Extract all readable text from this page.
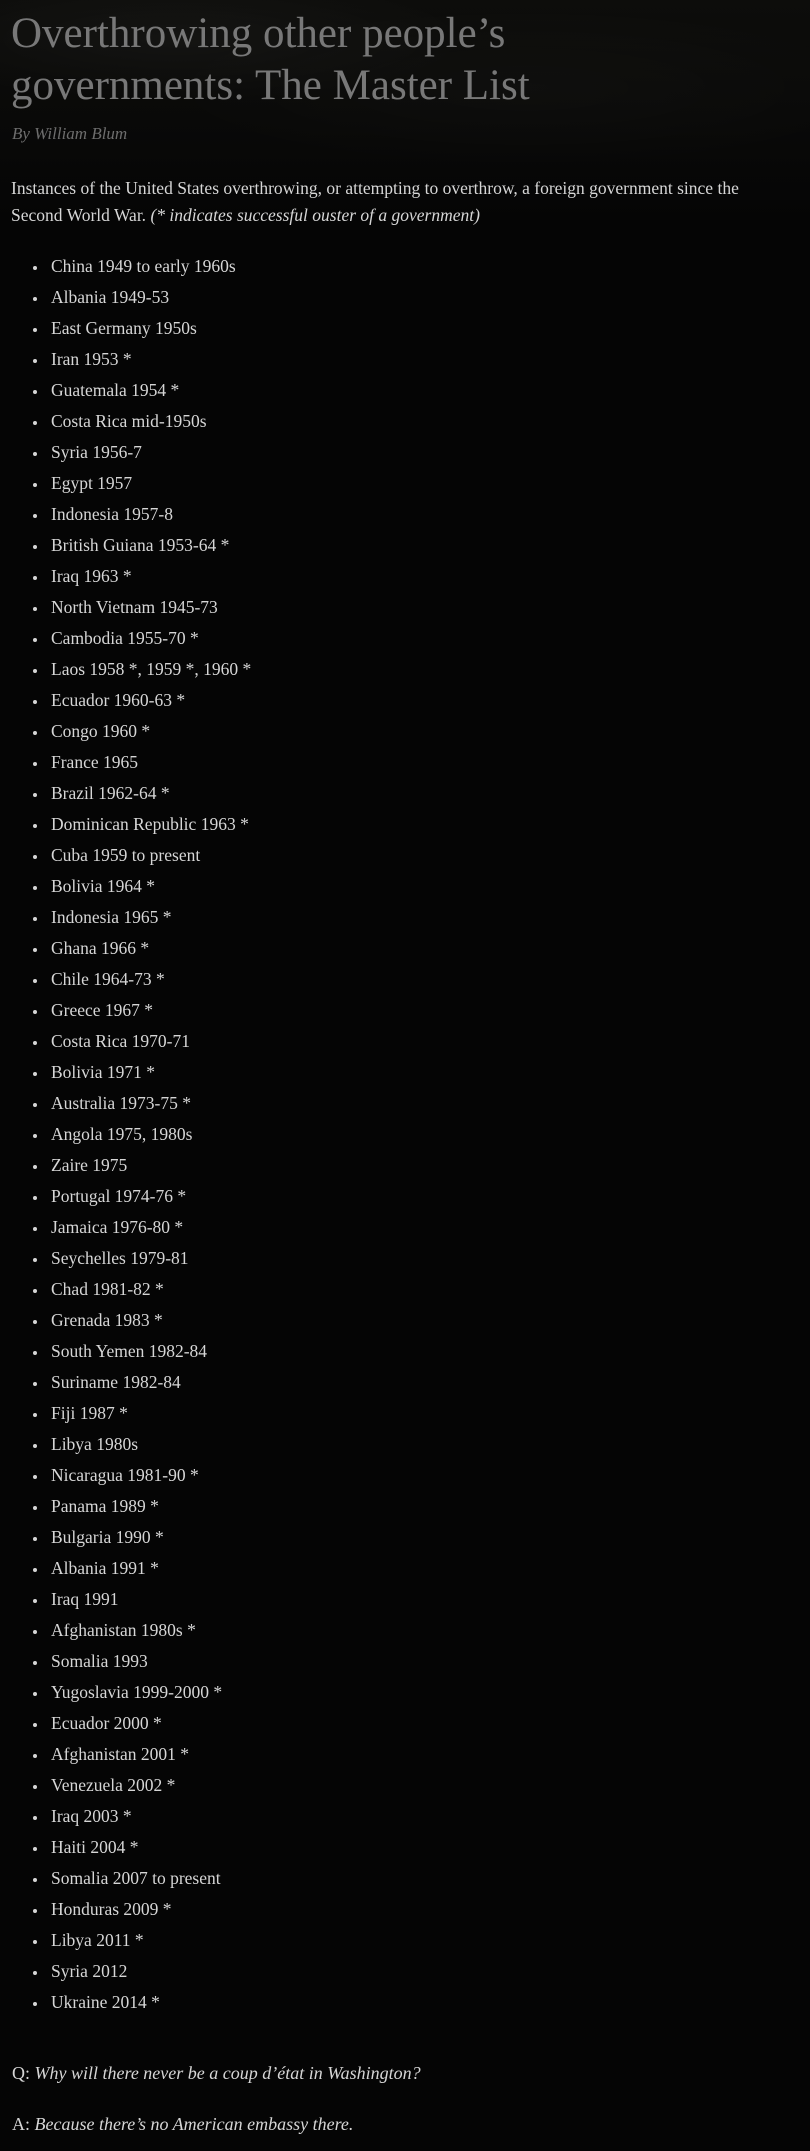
Overthrowing other people’s governments: The Master List

By William Blum

Instances of the United States overthrowing, or attempting to overthrow, a foreign government since the Second World War. (* indicates successful ouster of a government)

• China 1949 to early 1960s
• Albania 1949-53
• East Germany 1950s
• Iran 1953 *
• Guatemala 1954 *
• Costa Rica mid-1950s
• Syria 1956-7
• Egypt 1957
• Indonesia 1957-8
• British Guiana 1953-64 *
• Iraq 1963 *
• North Vietnam 1945-73
• Cambodia 1955-70 *
• Laos 1958 *, 1959 *, 1960 *
• Ecuador 1960-63 *
• Congo 1960 *
• France 1965
• Brazil 1962-64 *
• Dominican Republic 1963 *
• Cuba 1959 to present
• Bolivia 1964 *
• Indonesia 1965 *
• Ghana 1966 *
• Chile 1964-73 *
• Greece 1967 *
• Costa Rica 1970-71
• Bolivia 1971 *
• Australia 1973-75 *
• Angola 1975, 1980s
• Zaire 1975
• Portugal 1974-76 *
• Jamaica 1976-80 *
• Seychelles 1979-81
• Chad 1981-82 *
• Grenada 1983 *
• South Yemen 1982-84
• Suriname 1982-84
• Fiji 1987 *
• Libya 1980s
• Nicaragua 1981-90 *
• Panama 1989 *
• Bulgaria 1990 *
• Albania 1991 *
• Iraq 1991
• Afghanistan 1980s *
• Somalia 1993
• Yugoslavia 1999-2000 *
• Ecuador 2000 *
• Afghanistan 2001 *
• Venezuela 2002 *
• Iraq 2003 *
• Haiti 2004 *
• Somalia 2007 to present
• Honduras 2009 *
• Libya 2011 *
• Syria 2012
• Ukraine 2014 *

Q: Why will there never be a coup d’état in Washington?

A: Because there’s no American embassy there.
